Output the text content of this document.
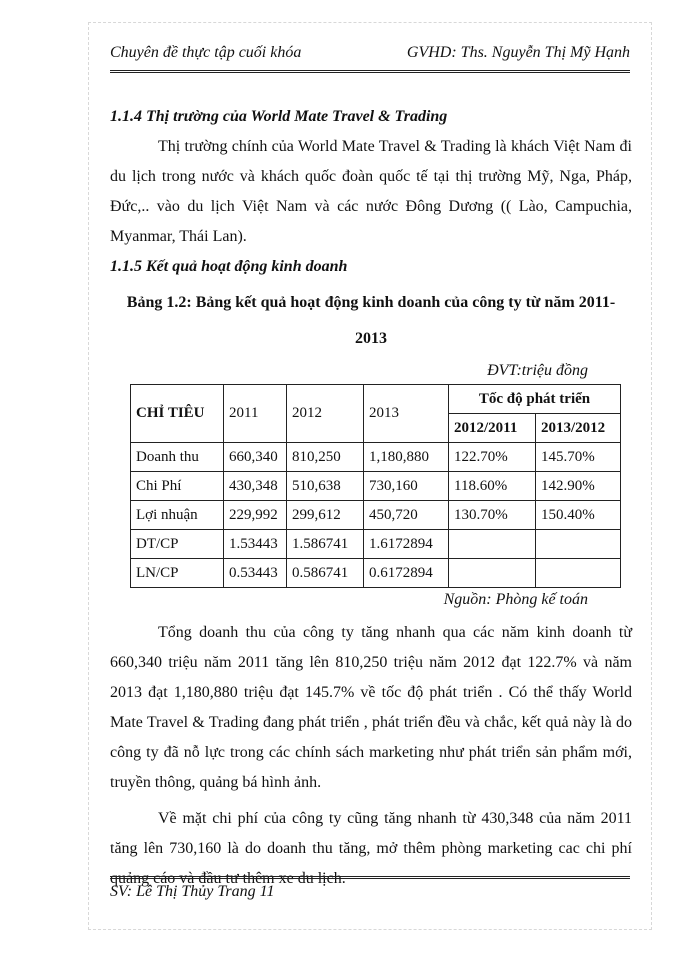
Chuyên đề thực tập cuối khóa	GVHD: Ths. Nguyễn Thị Mỹ Hạnh
1.1.4 Thị trường của World Mate Travel & Trading

Thị trường chính của World Mate Travel & Trading là khách Việt Nam đi du lịch trong nước và khách quốc đoàn quốc tế tại thị trường Mỹ, Nga, Pháp, Đức,.. vào du lịch Việt Nam và các nước Đông Dương (( Lào, Campuchia, Myanmar, Thái Lan).

1.1.5 Kết quả hoạt động kinh doanh
Bảng 1.2: Bảng kết quả hoạt động kinh doanh của công ty từ năm 2011-
2013
ĐVT:triệu đồng
CHỈ TIÊU	2011	2012	2013	Tốc độ phát triển	
				2012/2011	2013/2012
Doanh thu	660,340	810,250	1,180,880	122.70%	145.70%
Chi Phí	430,348	510,638	730,160	118.60%	142.90%
Lợi nhuận	229,992	299,612	450,720	130.70%	150.40%
DT/CP	1.53443	1.586741	1.6172894		
LN/CP	0.53443	0.586741	0.6172894		
Nguồn: Phòng kế toán

Tổng doanh thu của công ty tăng nhanh qua các năm kinh doanh từ 660,340 triệu năm 2011 tăng lên 810,250 triệu năm 2012 đạt 122.7% và năm 2013 đạt 1,180,880 triệu đạt 145.7% về tốc độ phát triển . Có thể thấy World Mate Travel & Trading đang phát triển , phát triển đều và chắc, kết quả này là do công ty đã nỗ lực trong các chính sách marketing như phát triển sản phẩm mới, truyền thông, quảng bá hình ảnh.

Về mặt chi phí của công ty cũng tăng nhanh từ 430,348 của năm 2011 tăng lên 730,160 là do doanh thu tăng, mở thêm phòng marketing cac chi phí quảng cáo và đầu tư thêm xe du lịch.

SV: Lê Thị Thủy Trang 11
